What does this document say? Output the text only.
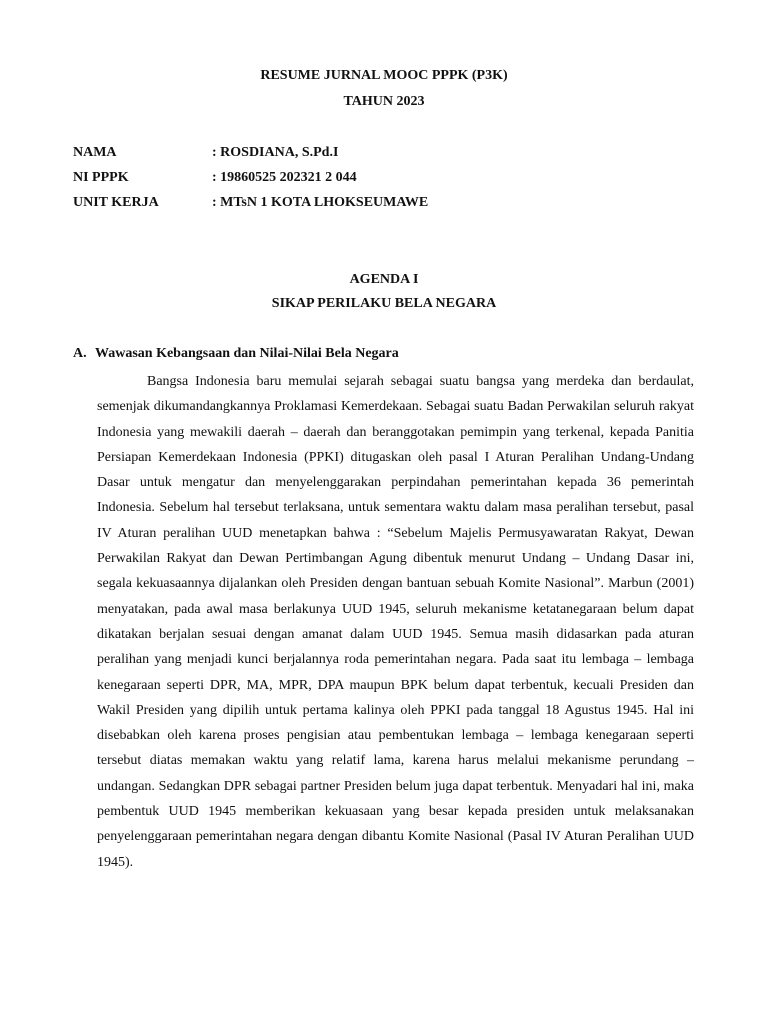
RESUME JURNAL MOOC PPPK (P3K)
TAHUN 2023
NAMA	: ROSDIANA, S.Pd.I
NI PPPK	: 19860525 202321 2 044
UNIT KERJA	: MTsN 1 KOTA LHOKSEUMAWE
AGENDA I
SIKAP PERILAKU BELA NEGARA
A. Wawasan Kebangsaan dan Nilai-Nilai Bela Negara

Bangsa Indonesia baru memulai sejarah sebagai suatu bangsa yang merdeka dan berdaulat, semenjak dikumandangkannya Proklamasi Kemerdekaan. Sebagai suatu Badan Perwakilan seluruh rakyat Indonesia yang mewakili daerah – daerah dan beranggotakan pemimpin yang terkenal, kepada Panitia Persiapan Kemerdekaan Indonesia (PPKI) ditugaskan oleh pasal I Aturan Peralihan Undang-Undang Dasar untuk mengatur dan menyelenggarakan perpindahan pemerintahan kepada 36 pemerintah Indonesia. Sebelum hal tersebut terlaksana, untuk sementara waktu dalam masa peralihan tersebut, pasal IV Aturan peralihan UUD menetapkan bahwa : “Sebelum Majelis Permusyawaratan Rakyat, Dewan Perwakilan Rakyat dan Dewan Pertimbangan Agung dibentuk menurut Undang – Undang Dasar ini, segala kekuasaannya dijalankan oleh Presiden dengan bantuan sebuah Komite Nasional”. Marbun (2001) menyatakan, pada awal masa berlakunya UUD 1945, seluruh mekanisme ketatanegaraan belum dapat dikatakan berjalan sesuai dengan amanat dalam UUD 1945. Semua masih didasarkan pada aturan peralihan yang menjadi kunci berjalannya roda pemerintahan negara. Pada saat itu lembaga – lembaga kenegaraan seperti DPR, MA, MPR, DPA maupun BPK belum dapat terbentuk, kecuali Presiden dan Wakil Presiden yang dipilih untuk pertama kalinya oleh PPKI pada tanggal 18 Agustus 1945. Hal ini disebabkan oleh karena proses pengisian atau pembentukan lembaga – lembaga kenegaraan seperti tersebut diatas memakan waktu yang relatif lama, karena harus melalui mekanisme perundang – undangan. Sedangkan DPR sebagai partner Presiden belum juga dapat terbentuk. Menyadari hal ini, maka pembentuk UUD 1945 memberikan kekuasaan yang besar kepada presiden untuk melaksanakan penyelenggaraan pemerintahan negara dengan dibantu Komite Nasional (Pasal IV Aturan Peralihan UUD 1945).
